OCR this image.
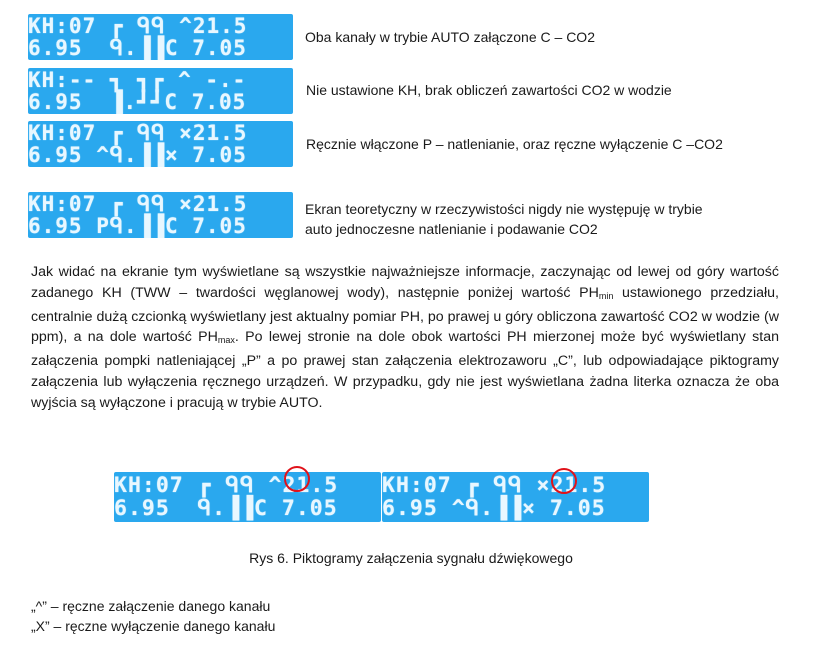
KH:07 ┏ ᑫᑫ ^21.5
6.95  ᑫ.▐▐C 7.05	Oba kanały w trybie AUTO załączone C – CO2
KH:-- ┓ ┓┏ ^ -.-
6.95  ▐.┛┛C 7.05	Nie ustawione KH, brak obliczeń zawartości CO2 w wodzie
KH:07 ┏ ᑫᑫ ×21.5
6.95 ^ᑫ.▐▐× 7.05	Ręcznie włączone P – natlenianie, oraz ręczne wyłączenie C –CO2
KH:07 ┏ ᑫᑫ ×21.5
6.95 Pᑫ.▐▐C 7.05
Ekran teoretyczny w rzeczywistości nigdy nie występuję w trybie
auto jednoczesne natlenianie i podawanie CO2
Jak widać na ekranie tym wyświetlane są wszystkie najważniejsze informacje, zaczynając od lewej od góry wartość zadanego KH (TWW – twardości węglanowej wody), następnie poniżej wartość $PH_{min}$ ustawionego przedziału, centralnie dużą czcionką wyświetlany jest aktualny pomiar PH, po prawej u góry obliczona zawartość CO2 w wodzie (w ppm), a na dole wartość $PH_{max}$. Po lewej stronie na dole obok wartości PH mierzonej może być wyświetlany stan załączenia pompki natleniającej „P” a po prawej stan załączenia elektrozaworu „C”, lub odpowiadające piktogramy załączenia lub wyłączenia ręcznego urządzeń. W przypadku, gdy nie jest wyświetlana żadna literka oznacza że oba wyjścia są wyłączone i pracują w trybie AUTO.
KH:07 ┏ ᑫᑫ ^21.5
6.95  ᑫ.▐▐C 7.05
KH:07 ┏ ᑫᑫ ×21.5
6.95 ^ᑫ.▐▐× 7.05
Rys 6. Piktogramy załączenia sygnału dźwiękowego
„^” – ręczne załączenie danego kanału
„X” – ręczne wyłączenie danego kanału
